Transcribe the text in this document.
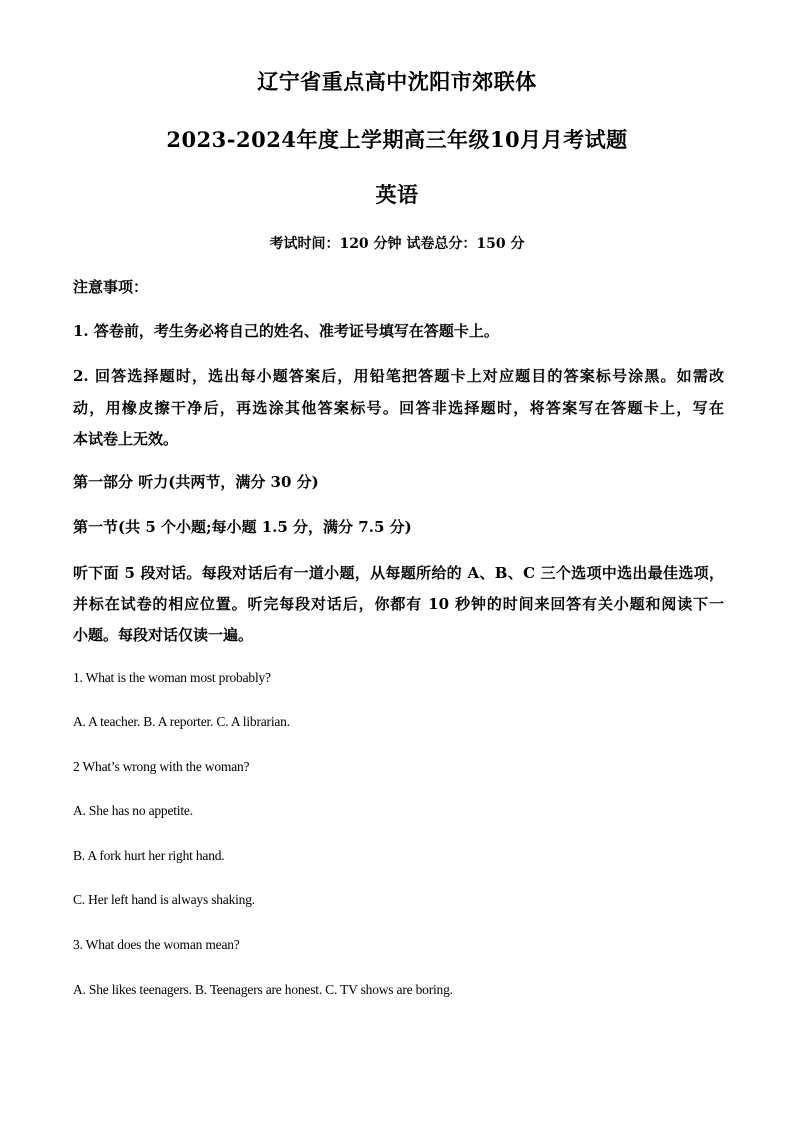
辽宁省重点高中沈阳市郊联体
2023-2024年度上学期高三年级10月月考试题
英语
考试时间：120 分钟 试卷总分：150 分
注意事项：
1. 答卷前，考生务必将自己的姓名、准考证号填写在答题卡上。
2. 回答选择题时，选出每小题答案后，用铅笔把答题卡上对应题目的答案标号涂黑。如需改
动，用橡皮擦干净后，再选涂其他答案标号。回答非选择题时，将答案写在答题卡上，写在
本试卷上无效。
第一部分 听力(共两节，满分 30 分)
第一节(共 5 个小题;每小题 1.5 分，满分 7.5 分)
听下面 5 段对话。每段对话后有一道小题，从每题所给的 A、B、C 三个选项中选出最佳选项，
并标在试卷的相应位置。听完每段对话后，你都有 10 秒钟的时间来回答有关小题和阅读下一
小题。每段对话仅读一遍。
1. What is the woman most probably?
A. A teacher. B. A reporter. C. A librarian.
2 What’s wrong with the woman?
A. She has no appetite.
B. A fork hurt her right hand.
C. Her left hand is always shaking.
3. What does the woman mean?
A. She likes teenagers. B. Teenagers are honest. C. TV shows are boring.
